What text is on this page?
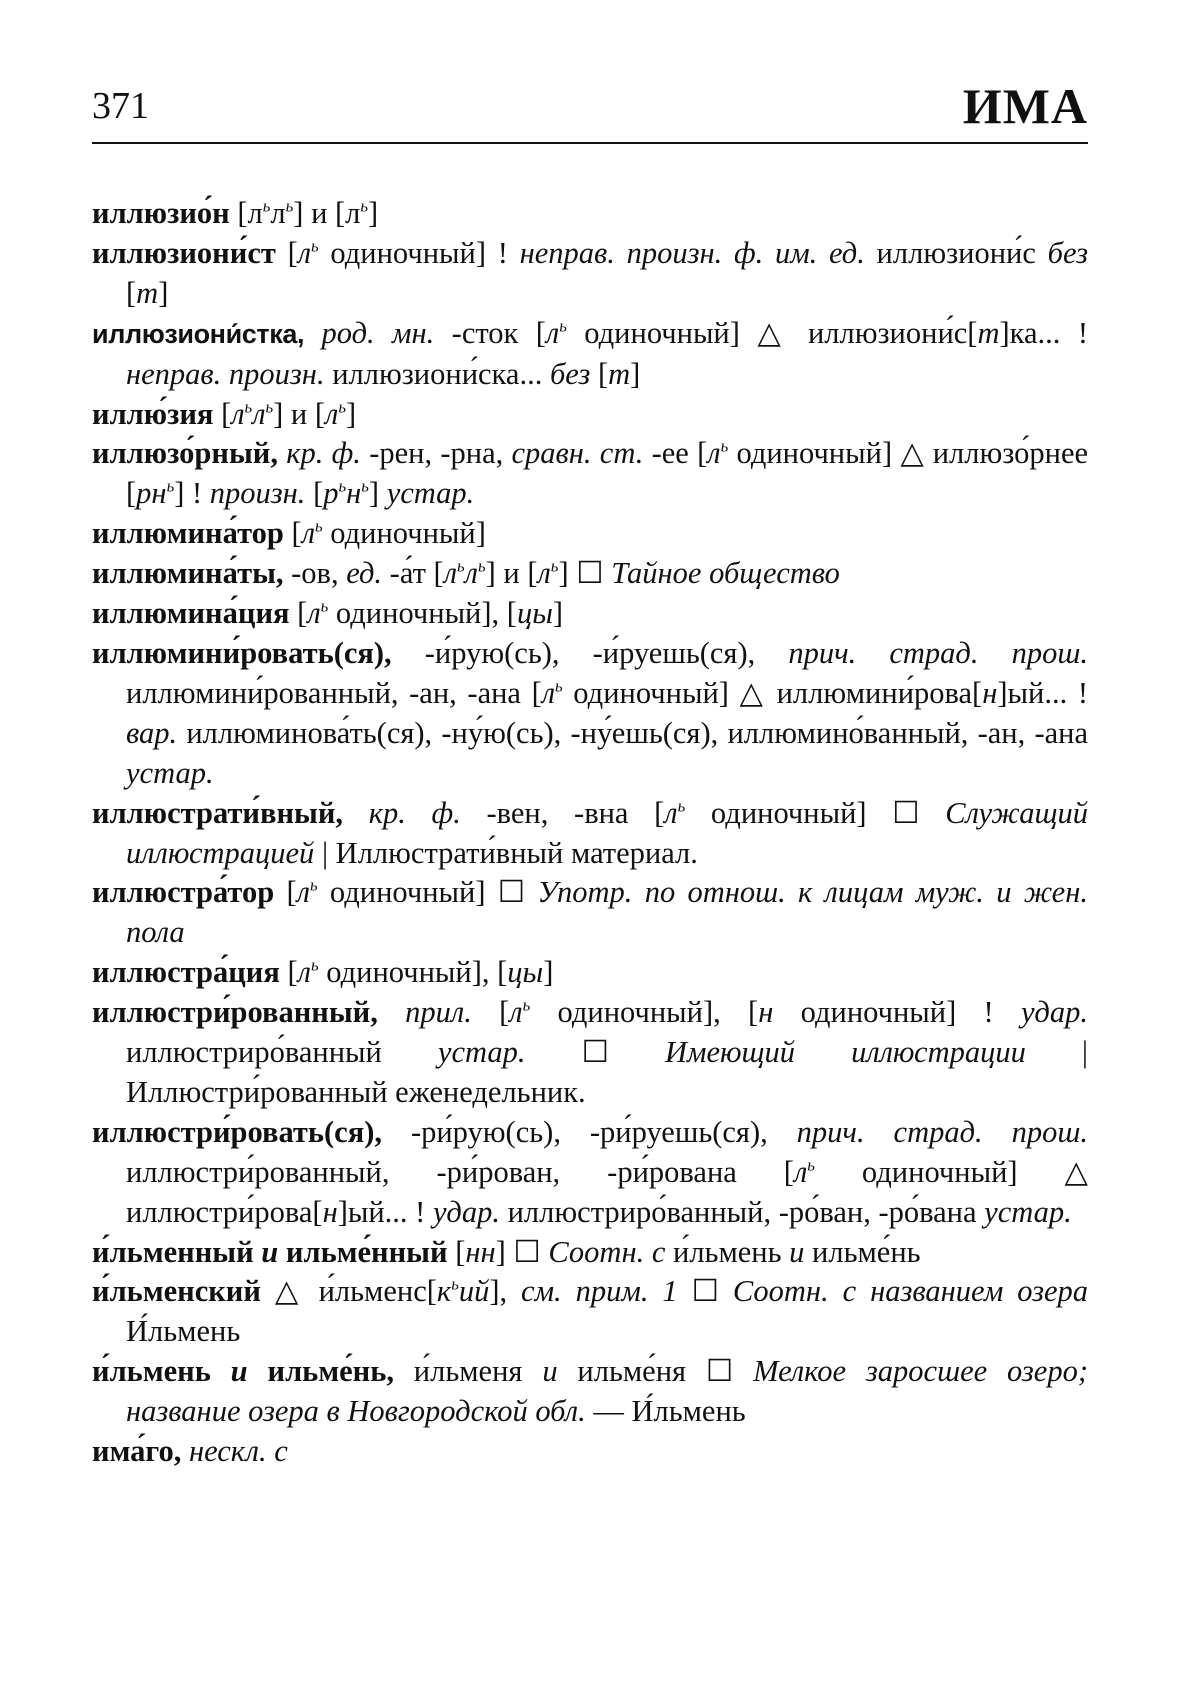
371	ИМА

иллюзио́н $[л^ьл^ь]$ и $[л^ь]$

иллюзиони́ст [$л^ь$ одиночный] ! неправ. произн. ф. им. ед. иллюзиони́с без [т]

иллюзиони́стка, род. мн. -сток [$л^ь$ одиночный] △ иллюзиони́с[т]ка... ! неправ. произн. иллюзиони́ска... без [т]

иллю́зия $[л^ьл^ь]$ и $[л^ь]$

иллюзо́рный, кр. ф. -рен, -рна, сравн. ст. -ее [$л^ь$ одиночный] △ иллюзо́рнее $[рн^ь]$ ! произн. $[р^ьн^ь]$ устар.

иллюмина́тор [$л^ь$ одиночный]

иллюмина́ты, -ов, ед. -а́т $[л^ьл^ь]$ и $[л^ь]$ ☐ Тайное общество

иллюмина́ция [$л^ь$ одиночный], [цы]

иллюмини́ровать(ся), -и́рую(сь), -и́руешь(ся), прич. страд. прош. иллюмини́рованный, -ан, -ана [$л^ь$ одиночный] △ иллюмини́рова[н]ый... ! вар. иллюминова́ть(ся), -ну́ю(сь), -ну́ешь(ся), иллюмино́ванный, -ан, -ана устар.

иллюстрати́вный, кр. ф. -вен, -вна [$л^ь$ одиночный] ☐ Служащий иллюстрацией | Иллюстрати́вный материал.

иллюстра́тор [$л^ь$ одиночный] ☐ Употр. по отнош. к лицам муж. и жен. пола

иллюстра́ция [$л^ь$ одиночный], [цы]

иллюстри́рованный, прил. [$л^ь$ одиночный], [н одиночный] ! удар. иллюстриро́ванный устар. ☐ Имеющий иллюстрации | Иллюстри́рованный еженедельник.

иллюстри́ровать(ся), -ри́рую(сь), -ри́руешь(ся), прич. страд. прош. иллюстри́рованный, -ри́рован, -ри́рована [$л^ь$ одиночный] △ иллюстри́рова[н]ый... ! удар. иллюстриро́ванный, -ро́ван, -ро́вана устар.

и́льменный и ильме́нный [нн] ☐ Соотн. с и́льмень и ильме́нь

и́льменский △ $и́льменс[к^ьий]$, см. прим. 1 ☐ Соотн. с названием озера И́льмень

и́льмень и ильме́нь, и́льменя и ильме́ня ☐ Мелкое заросшее озеро; название озера в Новгородской обл. — И́льмень

има́го, нескл. с
